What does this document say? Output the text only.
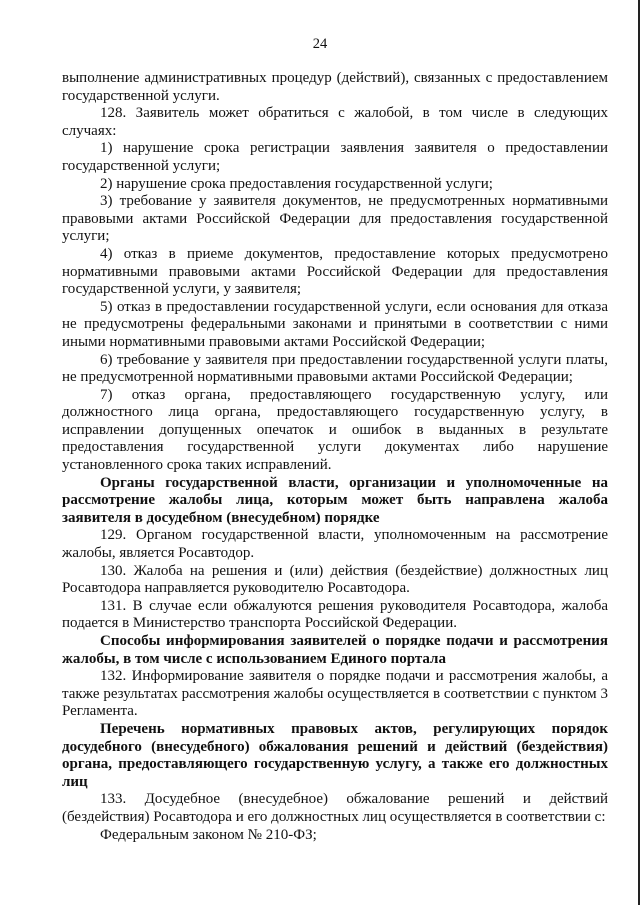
24

выполнение административных процедур (действий), связанных с предоставлением государственной услуги.

128. Заявитель может обратиться с жалобой, в том числе в следующих случаях:

1) нарушение срока регистрации заявления заявителя о предоставлении государственной услуги;

2) нарушение срока предоставления государственной услуги;

3) требование у заявителя документов, не предусмотренных нормативными правовыми актами Российской Федерации для предоставления государственной услуги;

4) отказ в приеме документов, предоставление которых предусмотрено нормативными правовыми актами Российской Федерации для предоставления государственной услуги, у заявителя;

5) отказ в предоставлении государственной услуги, если основания для отказа не предусмотрены федеральными законами и принятыми в соответствии с ними иными нормативными правовыми актами Российской Федерации;

6) требование у заявителя при предоставлении государственной услуги платы, не предусмотренной нормативными правовыми актами Российской Федерации;

7) отказ органа, предоставляющего государственную услугу, или должностного лица органа, предоставляющего государственную услугу, в исправлении допущенных опечаток и ошибок в выданных в результате предоставления государственной услуги документах либо нарушение установленного срока таких исправлений.

Органы государственной власти, организации и уполномоченные на рассмотрение жалобы лица, которым может быть направлена жалоба заявителя в досудебном (внесудебном) порядке

129. Органом государственной власти, уполномоченным на рассмотрение жалобы, является Росавтодор.

130. Жалоба на решения и (или) действия (бездействие) должностных лиц Росавтодора направляется руководителю Росавтодора.

131. В случае если обжалуются решения руководителя Росавтодора, жалоба подается в Министерство транспорта Российской Федерации.

Способы информирования заявителей о порядке подачи и рассмотрения жалобы, в том числе с использованием Единого портала

132. Информирование заявителя о порядке подачи и рассмотрения жалобы, а также результатах рассмотрения жалобы осуществляется в соответствии с пунктом 3 Регламента.

Перечень нормативных правовых актов, регулирующих порядок досудебного (внесудебного) обжалования решений и действий (бездействия) органа, предоставляющего государственную услугу, а также его должностных лиц

133. Досудебное (внесудебное) обжалование решений и действий (бездействия) Росавтодора и его должностных лиц осуществляется в соответствии с:

Федеральным законом № 210-ФЗ;
